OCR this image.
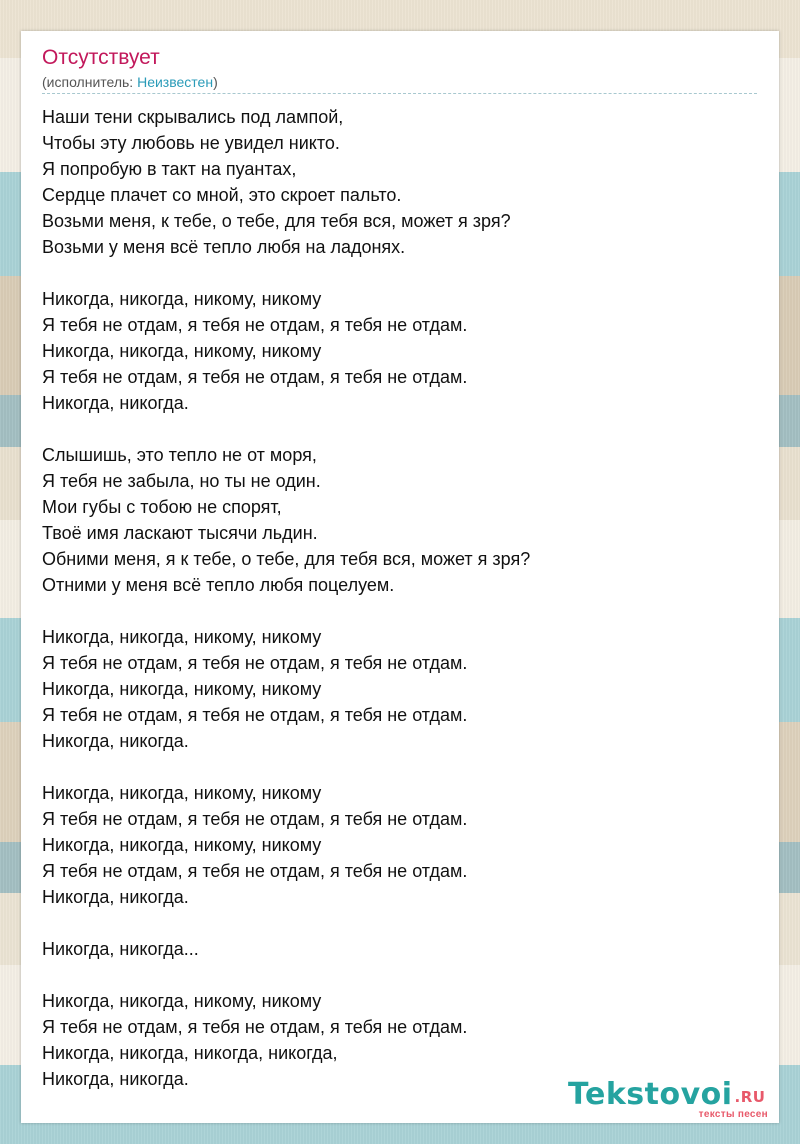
Отсутствует
(исполнитель: Неизвестен)
Наши тени скрывались под лампой,
Чтобы эту любовь не увидел никто.
Я попробую в такт на пуантах,
Сердце плачет со мной, это скроет пальто.
Возьми меня, к тебе, о тебе, для тебя вся, может я зря?
Возьми у меня всё тепло любя на ладонях.
Никогда, никогда, никому, никому
Я тебя не отдам, я тебя не отдам, я тебя не отдам.
Никогда, никогда, никому, никому
Я тебя не отдам, я тебя не отдам, я тебя не отдам.
Никогда, никогда.
Слышишь, это тепло не от моря,
Я тебя не забыла, но ты не один.
Мои губы с тобою не спорят,
Твоё имя ласкают тысячи льдин.
Обними меня, я к тебе, о тебе, для тебя вся, может я зря?
Отними у меня всё тепло любя поцелуем.
Никогда, никогда, никому, никому
Я тебя не отдам, я тебя не отдам, я тебя не отдам.
Никогда, никогда, никому, никому
Я тебя не отдам, я тебя не отдам, я тебя не отдам.
Никогда, никогда.
Никогда, никогда, никому, никому
Я тебя не отдам, я тебя не отдам, я тебя не отдам.
Никогда, никогда, никому, никому
Я тебя не отдам, я тебя не отдам, я тебя не отдам.
Никогда, никогда.
Никогда, никогда...
Никогда, никогда, никому, никому
Я тебя не отдам, я тебя не отдам, я тебя не отдам.
Никогда, никогда, никогда, никогда,
Никогда, никогда.	Tekstovoi .RU
тексты песен
